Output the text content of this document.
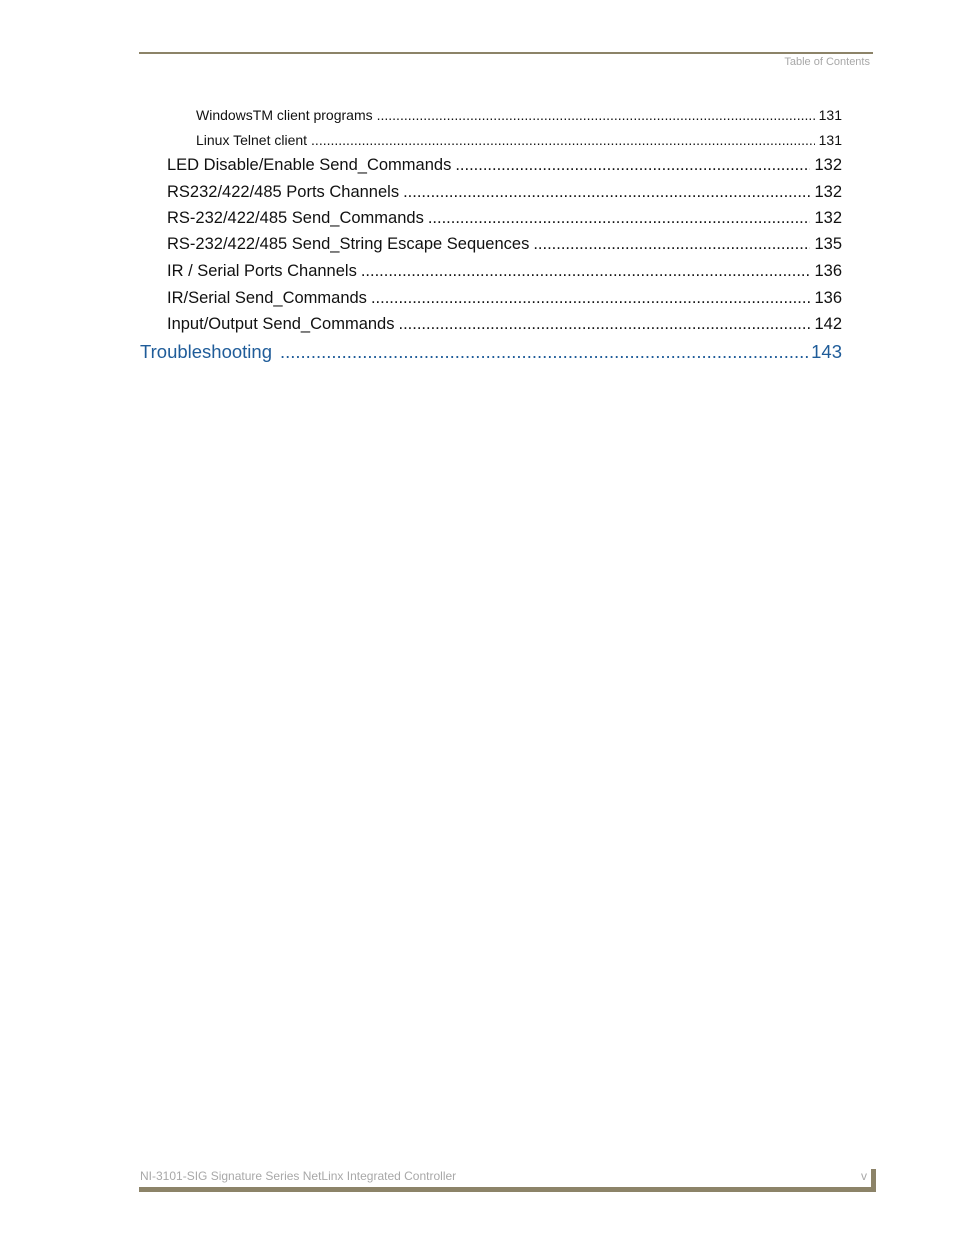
Table of Contents
WindowsTM client programs .....	131
Linux Telnet client .....	131
LED Disable/Enable Send_Commands .....	132
RS232/422/485 Ports Channels .....	132
RS-232/422/485 Send_Commands .....	132
RS-232/422/485 Send_String Escape Sequences .....	135
IR / Serial Ports Channels .....	136
IR/Serial Send_Commands .....	136
Input/Output Send_Commands .....	142
Troubleshooting .....	143
NI-3101-SIG Signature Series NetLinx Integrated Controller	v
